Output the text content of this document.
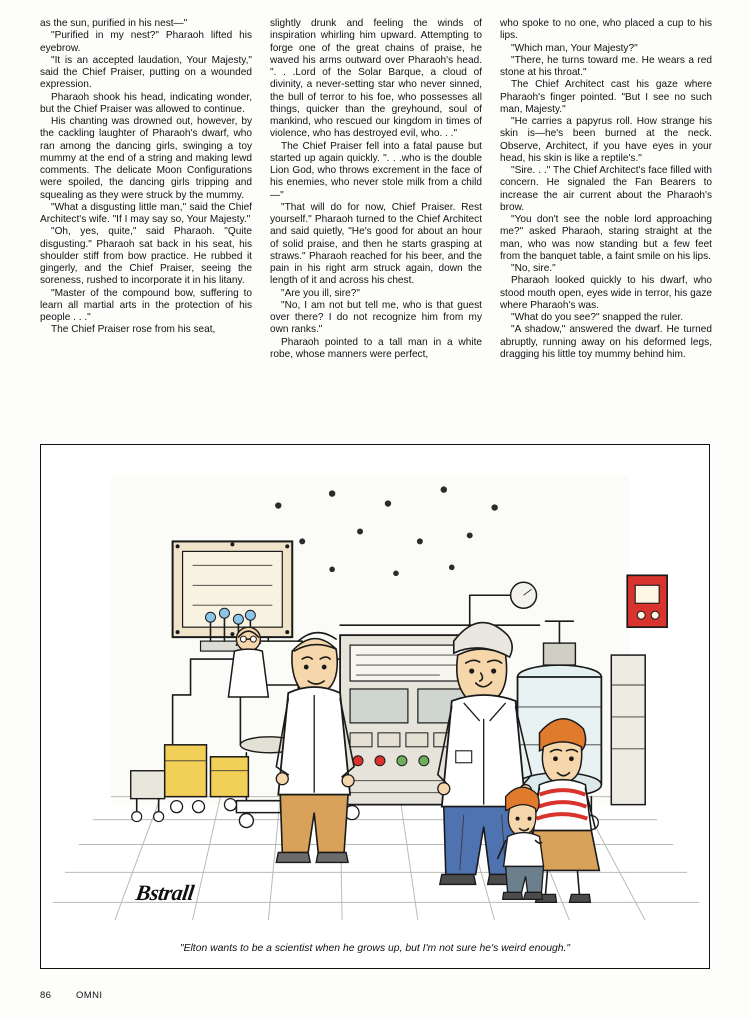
as the sun, purified in his nest—"

"Purified in my nest?" Pharaoh lifted his eyebrow.

"It is an accepted laudation, Your Majesty," said the Chief Praiser, putting on a wounded expression.

Pharaoh shook his head, indicating wonder, but the Chief Praiser was allowed to continue.

His chanting was drowned out, however, by the cackling laughter of Pharaoh's dwarf, who ran among the dancing girls, swinging a toy mummy at the end of a string and making lewd comments. The delicate Moon Configurations were spoiled, the dancing girls tripping and squealing as they were struck by the mummy.

"What a disgusting little man," said the Chief Architect's wife. "If I may say so, Your Majesty."

"Oh, yes, quite," said Pharaoh. "Quite disgusting." Pharaoh sat back in his seat, his shoulder stiff from bow practice. He rubbed it gingerly, and the Chief Praiser, seeing the soreness, rushed to incorporate it in his litany.

"Master of the compound bow, suffering to learn all martial arts in the protection of his people . . ."

The Chief Praiser rose from his seat,

slightly drunk and feeling the winds of inspiration whirling him upward. Attempting to forge one of the great chains of praise, he waved his arms outward over Pharaoh's head. ". . .Lord of the Solar Barque, a cloud of divinity, a never-setting star who never sinned, the bull of terror to his foe, who possesses all things, quicker than the greyhound, soul of mankind, who rescued our kingdom in times of violence, who has destroyed evil, who. . ."

The Chief Praiser fell into a fatal pause but started up again quickly. ". . .who is the double Lion God, who throws excrement in the face of his enemies, who never stole milk from a child—"

"That will do for now, Chief Praiser. Rest yourself." Pharaoh turned to the Chief Architect and said quietly, "He's good for about an hour of solid praise, and then he starts grasping at straws." Pharaoh reached for his beer, and the pain in his right arm struck again, down the length of it and across his chest.

"Are you ill, sire?"

"No, I am not but tell me, who is that guest over there? I do not recognize him from my own ranks."

Pharaoh pointed to a tall man in a white robe, whose manners were perfect,

who spoke to no one, who placed a cup to his lips.

"Which man, Your Majesty?"

"There, he turns toward me. He wears a red stone at his throat."

The Chief Architect cast his gaze where Pharaoh's finger pointed. "But I see no such man, Majesty."

"He carries a papyrus roll. How strange his skin is—he's been burned at the neck. Observe, Architect, if you have eyes in your head, his skin is like a reptile's."

"Sire. . ." The Chief Architect's face filled with concern. He signaled the Fan Bearers to increase the air current about the Pharaoh's brow.

"You don't see the noble lord approaching me?" asked Pharaoh, staring straight at the man, who was now standing but a few feet from the banquet table, a faint smile on his lips.

"No, sire."

Pharaoh looked quickly to his dwarf, who stood mouth open, eyes wide in terror, his gaze where Pharaoh's was.

"What do you see?" snapped the ruler.

"A shadow," answered the dwarf. He turned abruptly, running away on his deformed legs, dragging his little toy mummy behind him.

Bstrall
"Elton wants to be a scientist when he grows up, but I'm not sure he's weird enough."
86	OMNI
